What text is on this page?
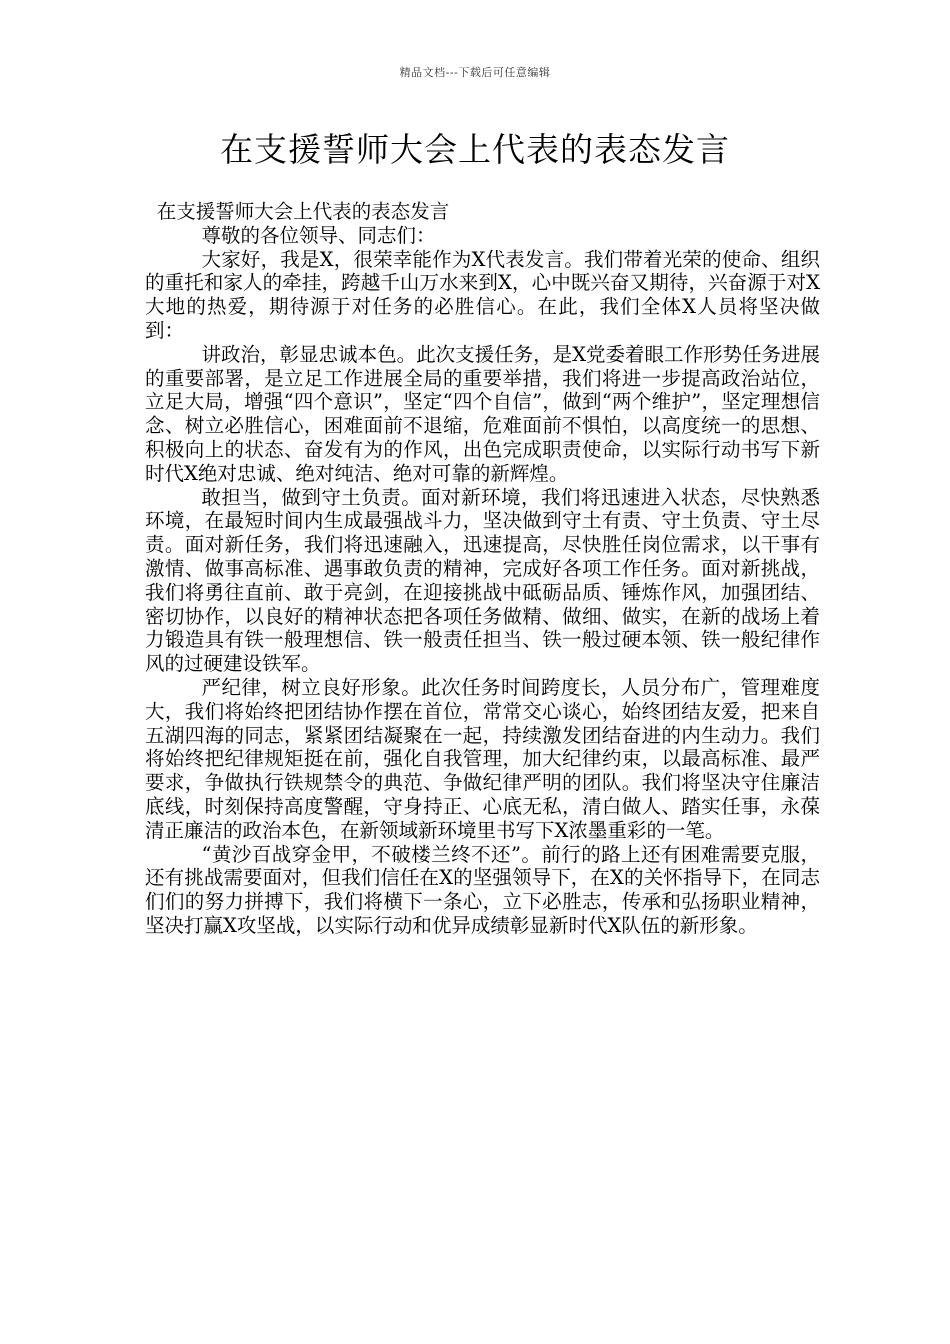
精品文档---下载后可任意编辑
在支援誓师大会上代表的表态发言

在支援誓师大会上代表的表态发言

尊敬的各位领导、同志们：

大家好，我是X，很荣幸能作为X代表发言。我们带着光荣的使命、组织的重托和家人的牵挂，跨越千山万水来到X，心中既兴奋又期待，兴奋源于对X大地的热爱，期待源于对任务的必胜信心。在此，我们全体X人员将坚决做到：

讲政治，彰显忠诚本色。此次支援任务，是X党委着眼工作形势任务进展的重要部署，是立足工作进展全局的重要举措，我们将进一步提高政治站位，立足大局，增强“四个意识”，坚定“四个自信”，做到“两个维护”，坚定理想信念、树立必胜信心，困难面前不退缩，危难面前不惧怕，以高度统一的思想、积极向上的状态、奋发有为的作风，出色完成职责使命，以实际行动书写下新时代X绝对忠诚、绝对纯洁、绝对可靠的新辉煌。

敢担当，做到守土负责。面对新环境，我们将迅速进入状态，尽快熟悉环境，在最短时间内生成最强战斗力，坚决做到守土有责、守土负责、守土尽责。面对新任务，我们将迅速融入，迅速提高，尽快胜任岗位需求，以干事有激情、做事高标准、遇事敢负责的精神，完成好各项工作任务。面对新挑战，我们将勇往直前、敢于亮剑，在迎接挑战中砥砺品质、锤炼作风，加强团结、密切协作，以良好的精神状态把各项任务做精、做细、做实，在新的战场上着力锻造具有铁一般理想信、铁一般责任担当、铁一般过硬本领、铁一般纪律作风的过硬建设铁军。

严纪律，树立良好形象。此次任务时间跨度长，人员分布广，管理难度大，我们将始终把团结协作摆在首位，常常交心谈心，始终团结友爱，把来自五湖四海的同志，紧紧团结凝聚在一起，持续激发团结奋进的内生动力。我们将始终把纪律规矩挺在前，强化自我管理，加大纪律约束，以最高标准、最严要求，争做执行铁规禁令的典范、争做纪律严明的团队。我们将坚决守住廉洁底线，时刻保持高度警醒，守身持正、心底无私，清白做人、踏实任事，永葆清正廉洁的政治本色，在新领域新环境里书写下X浓墨重彩的一笔。

“黄沙百战穿金甲，不破楼兰终不还”。前行的路上还有困难需要克服，还有挑战需要面对，但我们信任在X的坚强领导下，在X的关怀指导下，在同志们们的努力拼搏下，我们将横下一条心，立下必胜志，传承和弘扬职业精神，坚决打赢X攻坚战，以实际行动和优异成绩彰显新时代X队伍的新形象。
